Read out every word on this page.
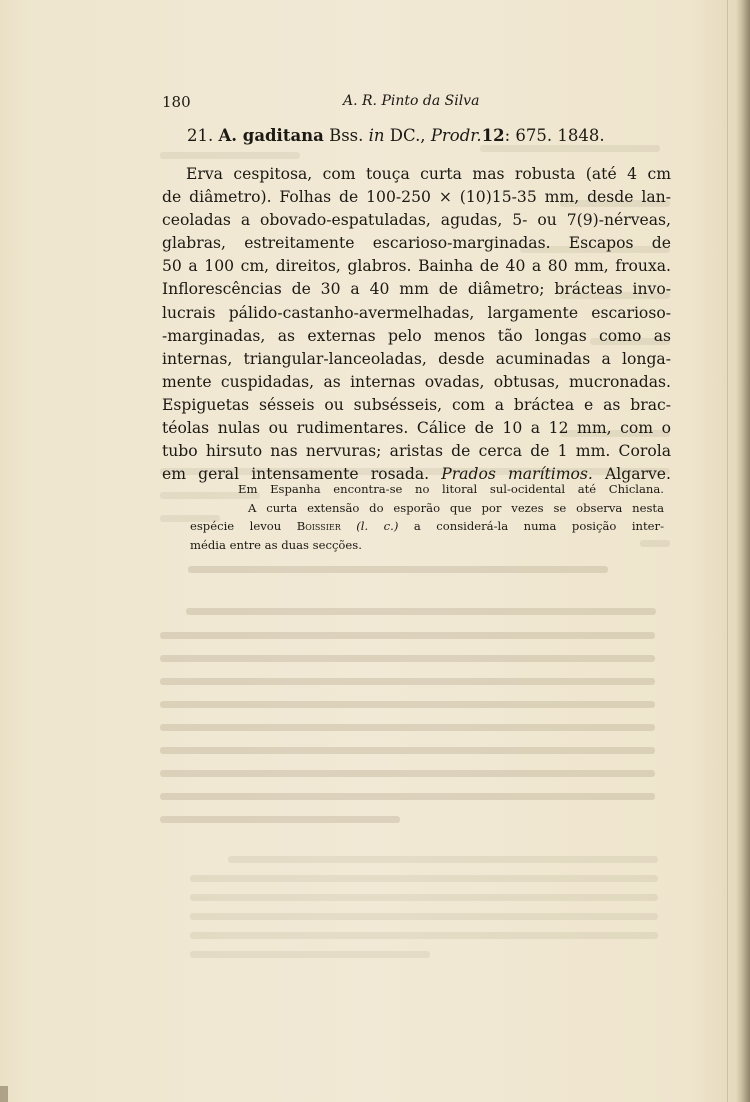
180	A. R. Pinto da Silva
21. A. gaditana Bss. in DC., Prodr.12: 675. 1848.
Erva cespitosa, com touça curta mas robusta (até 4 cm
de diâmetro). Folhas de 100-250 × (10)15-35 mm, desde lan-
ceoladas a obovado-espatuladas, agudas, 5- ou 7(9)-nérveas,
glabras, estreitamente escarioso-marginadas. Escapos de
50 a 100 cm, direitos, glabros. Bainha de 40 a 80 mm, frouxa.
Inflorescências de 30 a 40 mm de diâmetro; brácteas invo-
lucrais pálido-castanho-avermelhadas, largamente escarioso-
-marginadas, as externas pelo menos tão longas como as
internas, triangular-lanceoladas, desde acuminadas a longa-
mente cuspidadas, as internas ovadas, obtusas, mucronadas.
Espiguetas sésseis ou subsésseis, com a bráctea e as brac-
téolas nulas ou rudimentares. Cálice de 10 a 12 mm, com o
tubo hirsuto nas nervuras; aristas de cerca de 1 mm. Corola
em geral intensamente rosada. Prados marítimos. Algarve.
Em Espanha encontra-se no litoral sul-ocidental até Chiclana.
A curta extensão do esporão que por vezes se observa nesta
espécie levou Boissier (l. c.) a considerá-la numa posição inter-
média entre as duas secções.
